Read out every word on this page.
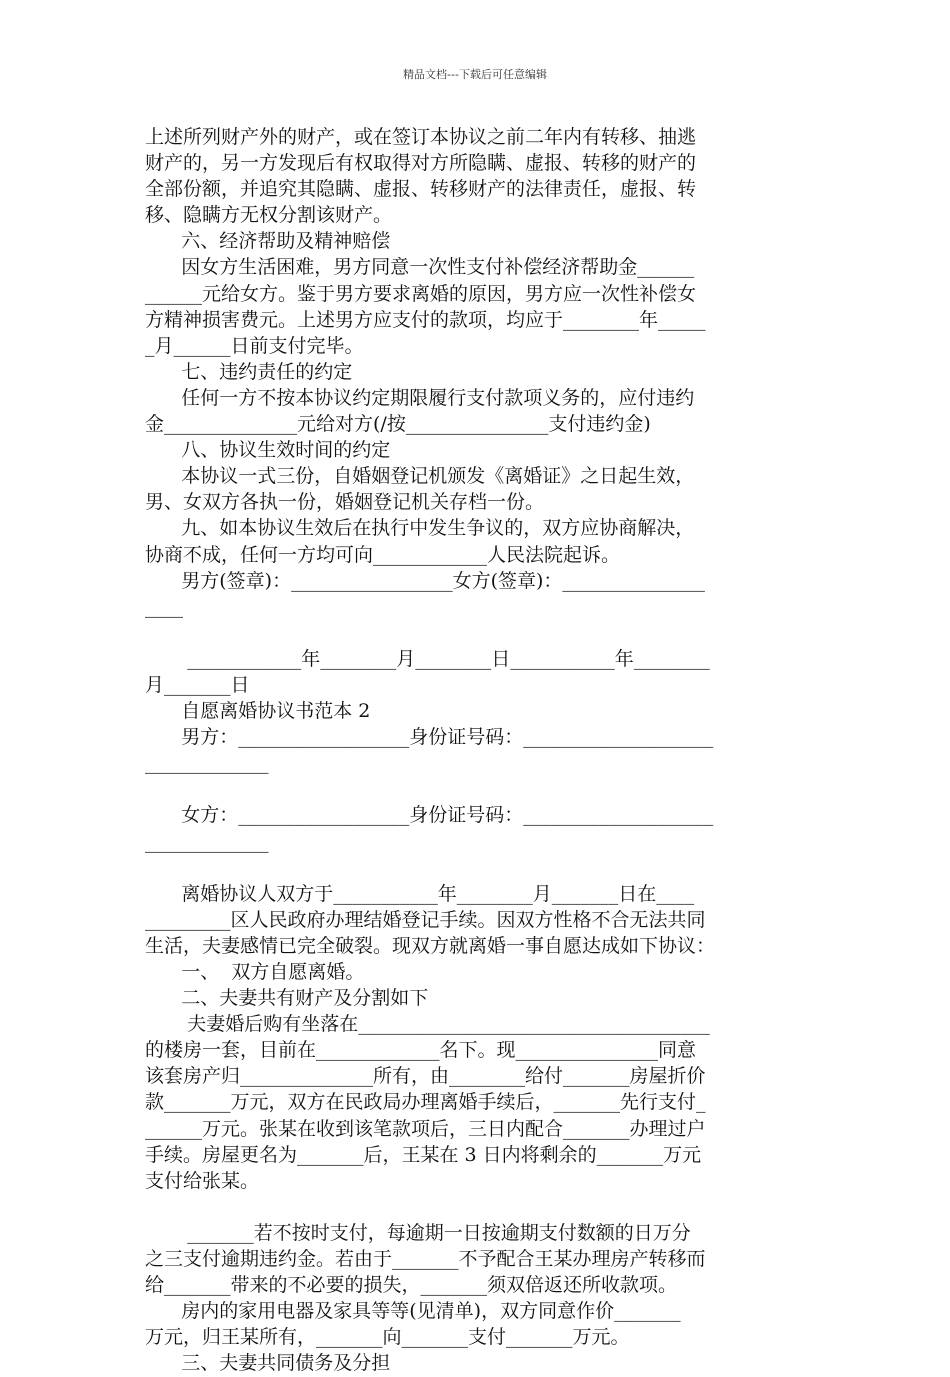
精品文档---下载后可任意编辑
上述所列财产外的财产，或在签订本协议之前二年内有转移、抽逃
财产的，另一方发现后有权取得对方所隐瞒、虚报、转移的财产的
全部份额，并追究其隐瞒、虚报、转移财产的法律责任，虚报、转
移、隐瞒方无权分割该财产。
六、经济帮助及精神赔偿
因女方生活困难，男方同意一次性支付补偿经济帮助金______
______元给女方。鉴于男方要求离婚的原因，男方应一次性补偿女
方精神损害费元。上述男方应支付的款项，均应于________年_____
_月______日前支付完毕。
七、违约责任的约定
任何一方不按本协议约定期限履行支付款项义务的，应付违约
金______________元给对方(/按_______________支付违约金)
八、协议生效时间的约定
本协议一式三份，自婚姻登记机颁发《离婚证》之日起生效，
男、女双方各执一份，婚姻登记机关存档一份。
九、如本协议生效后在执行中发生争议的，双方应协商解决，
协商不成，任何一方均可向____________人民法院起诉。
男方(签章)：_________________女方(签章)：_______________
____
____________年________月________日___________年________
月_______日
自愿离婚协议书范本 2
男方：__________________身份证号码：____________________
_____________
女方：__________________身份证号码：____________________
_____________
离婚协议人双方于___________年________月_______日在____
_________区人民政府办理结婚登记手续。因双方性格不合无法共同
生活，夫妻感情已完全破裂。现双方就离婚一事自愿达成如下协议：
一、  双方自愿离婚。
二、夫妻共有财产及分割如下
夫妻婚后购有坐落在_____________________________________
的楼房一套，目前在_____________名下。现_______________同意
该套房产归______________所有，由________给付_______房屋折价
款_______万元，双方在民政局办理离婚手续后，_______先行支付_
______万元。张某在收到该笔款项后，三日内配合_______办理过户
手续。房屋更名为_______后，王某在 3 日内将剩余的_______万元
支付给张某。
_______若不按时支付，每逾期一日按逾期支付数额的日万分
之三支付逾期违约金。若由于_______不予配合王某办理房产转移而
给_______带来的不必要的损失，_______须双倍返还所收款项。
房内的家用电器及家具等等(见清单)，双方同意作价_______
万元，归王某所有，_______向_______支付_______万元。
三、夫妻共同债务及分担
